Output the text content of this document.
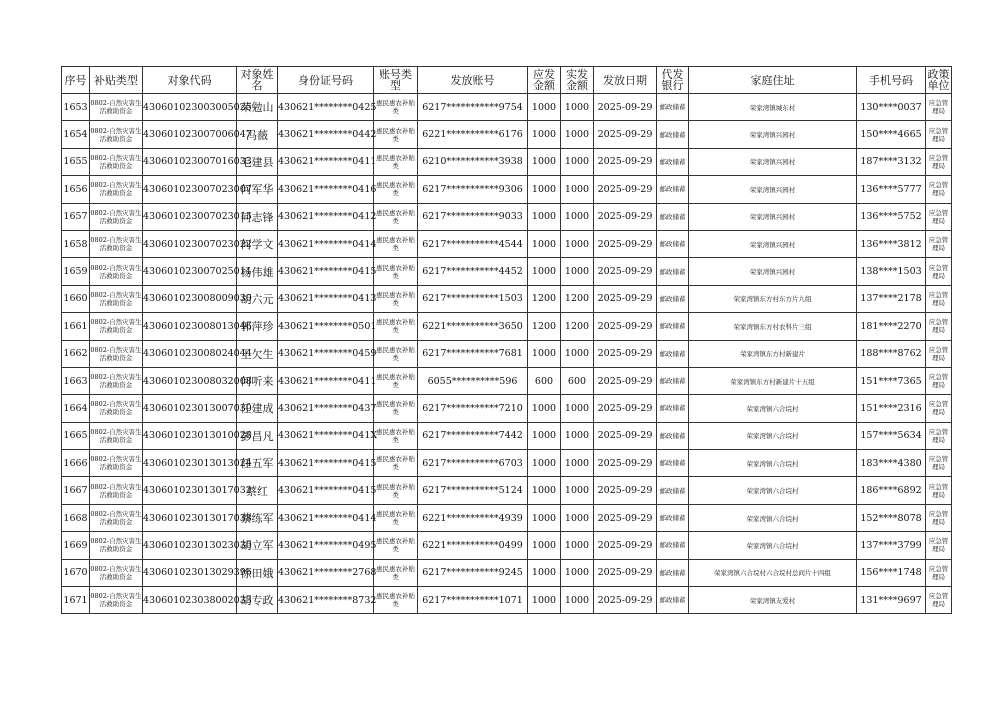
序号	补贴类型	对象代码	对象姓名	身份证号码	账号类型	发放账号	应发金额	实发金额	发放日期	代发银行	家庭住址	手机号码	政策单位
1653	0802-自然灾害生活救助资金	430601023003005025	荣勉山	430621********0425	惠民惠农补贴类	6217***********9754	1000	1000	2025-09-29	邮政储蓄	荣家湾镇城东村	130****0037	应急管理局
1654	0802-自然灾害生活救助资金	430601023007006047	冯薇	430621********0442	惠民惠农补贴类	6221***********6176	1000	1000	2025-09-29	邮政储蓄	荣家湾镇兴园村	150****4665	应急管理局
1655	0802-自然灾害生活救助资金	430601023007016033	毛建县	430621********0411	惠民惠农补贴类	6210***********3938	1000	1000	2025-09-29	邮政储蓄	荣家湾镇兴园村	187****3132	应急管理局
1656	0802-自然灾害生活救助资金	430601023007023007	何军华	430621********0416	惠民惠农补贴类	6217***********9306	1000	1000	2025-09-29	邮政储蓄	荣家湾镇兴园村	136****5777	应急管理局
1657	0802-自然灾害生活救助资金	430601023007023015	何志锋	430621********0412	惠民惠农补贴类	6217***********9033	1000	1000	2025-09-29	邮政储蓄	荣家湾镇兴园村	136****5752	应急管理局
1658	0802-自然灾害生活救助资金	430601023007023022	何学文	430621********0414	惠民惠农补贴类	6217***********4544	1000	1000	2025-09-29	邮政储蓄	荣家湾镇兴园村	136****3812	应急管理局
1659	0802-自然灾害生活救助资金	430601023007025011	杨伟雄	430621********0415	惠民惠农补贴类	6217***********4452	1000	1000	2025-09-29	邮政储蓄	荣家湾镇兴园村	138****1503	应急管理局
1660	0802-自然灾害生活救助资金	430601023008009030	胡六元	430621********0413	惠民惠农补贴类	6217***********1503	1200	1200	2025-09-29	邮政储蓄	荣家湾镇东方村东方片九组	137****2178	应急管理局
1661	0802-自然灾害生活救助资金	430601023008013046	郭萍珍	430621********0501	惠民惠农补贴类	6221***********3650	1200	1200	2025-09-29	邮政储蓄	荣家湾镇东方村农科片三组	181****2270	应急管理局
1662	0802-自然灾害生活救助资金	430601023008024044	王欠生	430621********0459	惠民惠农补贴类	6217***********7681	1000	1000	2025-09-29	邮政储蓄	荣家湾镇东方村新建片	188****8762	应急管理局
1663	0802-自然灾害生活救助资金	430601023008032008	何听来	430621********0411	惠民惠农补贴类	6055**********596	600	600	2025-09-29	邮政储蓄	荣家湾镇东方村新建片十五组	151****7365	应急管理局
1664	0802-自然灾害生活救助资金	430601023013007030	任建成	430621********0437	惠民惠农补贴类	6217***********7210	1000	1000	2025-09-29	邮政储蓄	荣家湾镇六合垸村	151****2316	应急管理局
1665	0802-自然灾害生活救助资金	430601023013010028	彭昌凡	430621********041X	惠民惠农补贴类	6217***********7442	1000	1000	2025-09-29	邮政储蓄	荣家湾镇六合垸村	157****5634	应急管理局
1666	0802-自然灾害生活救助资金	430601023013013024	任五军	430621********0415	惠民惠农补贴类	6217***********6703	1000	1000	2025-09-29	邮政储蓄	荣家湾镇六合垸村	183****4380	应急管理局
1667	0802-自然灾害生活救助资金	430601023013017032	蔡红	430621********0415	惠民惠农补贴类	6217***********5124	1000	1000	2025-09-29	邮政储蓄	荣家湾镇六合垸村	186****6892	应急管理局
1668	0802-自然灾害生活救助资金	430601023013017038	蔡练军	430621********0414	惠民惠农补贴类	6221***********4939	1000	1000	2025-09-29	邮政储蓄	荣家湾镇六合垸村	152****8078	应急管理局
1669	0802-自然灾害生活救助资金	430601023013023030	胡立军	430621********0495	惠民惠农补贴类	6221***********0499	1000	1000	2025-09-29	邮政储蓄	荣家湾镇六合垸村	137****3799	应急管理局
1670	0802-自然灾害生活救助资金	430601023013029396	徐田娥	430621********2768	惠民惠农补贴类	6217***********9245	1000	1000	2025-09-29	邮政储蓄	荣家湾镇六合垸村六合垸村总间片十四组	156****1748	应急管理局
1671	0802-自然灾害生活救助资金	430601023038002033	胡专政	430621********8732	惠民惠农补贴类	6217***********1071	1000	1000	2025-09-29	邮政储蓄	荣家湾镇友爱村	131****9697	应急管理局
